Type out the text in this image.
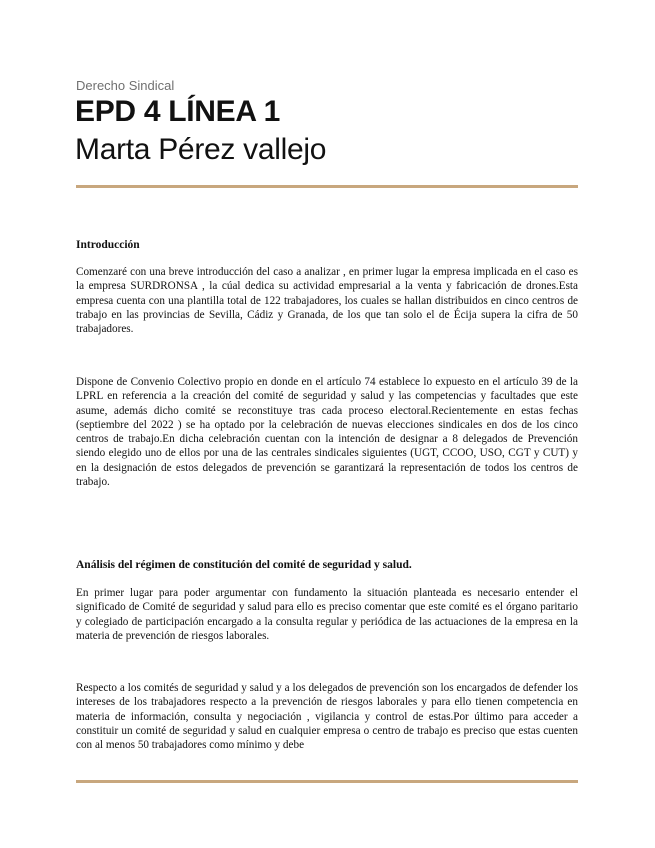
Derecho Sindical
EPD 4 LÍNEA 1
Marta Pérez vallejo
Introducción
Comenzaré con una breve introducción del caso a analizar , en primer lugar la empresa implicada en el caso es la empresa SURDRONSA , la cúal dedica su actividad empresarial a la venta y fabricación de drones.Esta empresa cuenta con una plantilla total de 122 trabajadores, los cuales se hallan distribuidos en cinco centros de trabajo en las provincias de Sevilla, Cádiz y Granada, de los que tan solo el de Écija supera la cifra de 50 trabajadores.
Dispone de Convenio Colectivo propio en donde en el artículo 74 establece lo expuesto en el artículo 39 de la LPRL en referencia a la creación del comité de seguridad y salud y las competencias y facultades que este asume, además dicho comité se reconstituye tras cada proceso electoral.Recientemente en estas fechas (septiembre del 2022 ) se ha optado por la celebración de nuevas elecciones sindicales en dos de los cinco centros de trabajo.En dicha celebración cuentan con la intención de designar a 8 delegados de Prevención siendo elegido uno de ellos por una de las centrales sindicales siguientes (UGT, CCOO, USO, CGT y CUT) y en la designación de estos delegados de prevención se garantizará la representación de todos los centros de trabajo.
Análisis del régimen de constitución del comité de seguridad y salud.
En primer lugar para poder argumentar con fundamento la situación planteada es necesario entender el significado de Comité de seguridad y salud para ello es preciso comentar que este comité es el órgano paritario y colegiado de participación encargado a la consulta regular y periódica de las actuaciones de la empresa en la materia de prevención de riesgos laborales.
Respecto a los comités de seguridad y salud y a los delegados de prevención son los encargados de defender los intereses de los trabajadores respecto a la prevención de riesgos laborales y para ello tienen competencia en materia de información, consulta y negociación , vigilancia y control de estas.Por último para acceder a constituir un comité de seguridad y salud en cualquier empresa o centro de trabajo es preciso que estas cuenten con al menos 50 trabajadores como mínimo y debe
